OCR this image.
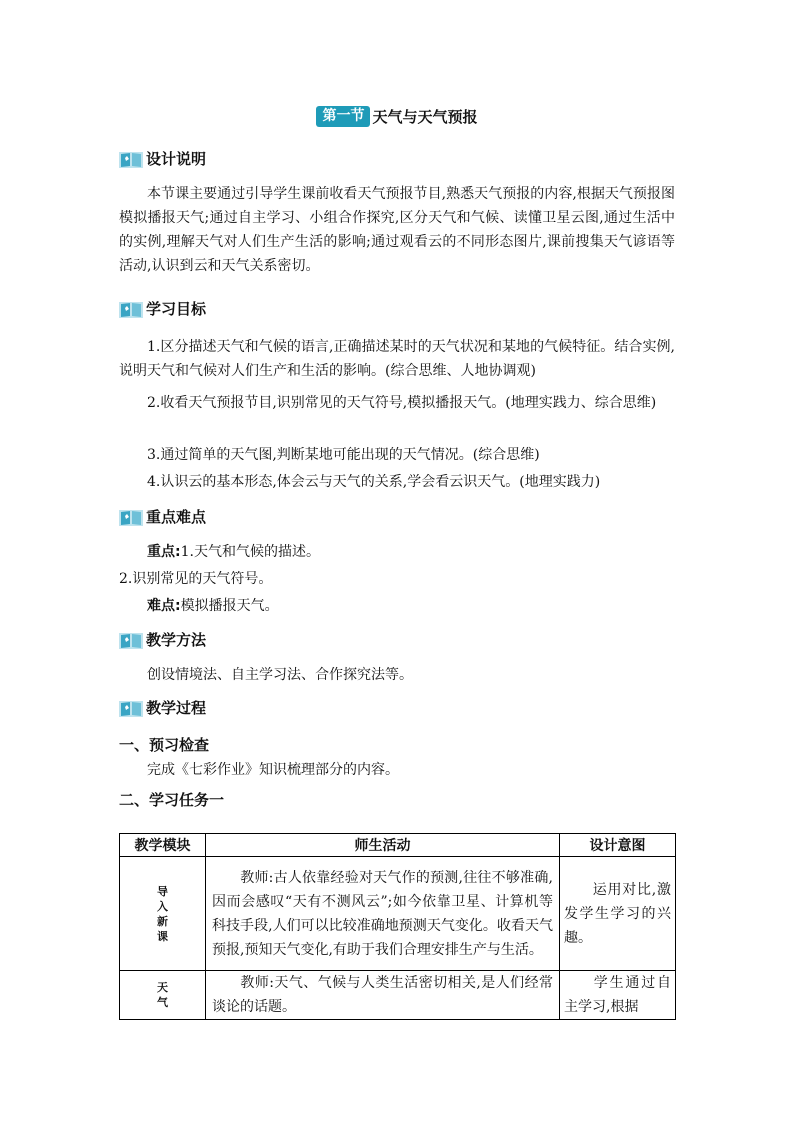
第一节 天气与天气预报
设计说明
本节课主要通过引导学生课前收看天气预报节目,熟悉天气预报的内容,根据天气预报图模拟播报天气;通过自主学习、小组合作探究,区分天气和气候、读懂卫星云图,通过生活中的实例,理解天气对人们生产生活的影响;通过观看云的不同形态图片,课前搜集天气谚语等活动,认识到云和天气关系密切。
学习目标
1.区分描述天气和气候的语言,正确描述某时的天气状况和某地的气候特征。结合实例,说明天气和气候对人们生产和生活的影响。(综合思维、人地协调观)
2.收看天气预报节目,识别常见的天气符号,模拟播报天气。(地理实践力、综合思维)
3.通过简单的天气图,判断某地可能出现的天气情况。(综合思维)
4.认识云的基本形态,体会云与天气的关系,学会看云识天气。(地理实践力)
重点难点
重点:1.天气和气候的描述。
2.识别常见的天气符号。
难点:模拟播报天气。
教学方法
创设情境法、自主学习法、合作探究法等。
教学过程
一、预习检查
完成《七彩作业》知识梳理部分的内容。
二、学习任务一
教学模块	师生活动	设计意图

导
入
新
课	教师:古人依靠经验对天气作的预测,往往不够准确,因而会感叹“天有不测风云”;如今依靠卫星、计算机等科技手段,人们可以比较准确地预测天气变化。收看天气预报,预知天气变化,有助于我们合理安排生产与生活。	运用对比,激发学生学习的兴趣。

天
气	教师:天气、气候与人类生活密切相关,是人们经常谈论的话题。	学生通过自主学习,根据
